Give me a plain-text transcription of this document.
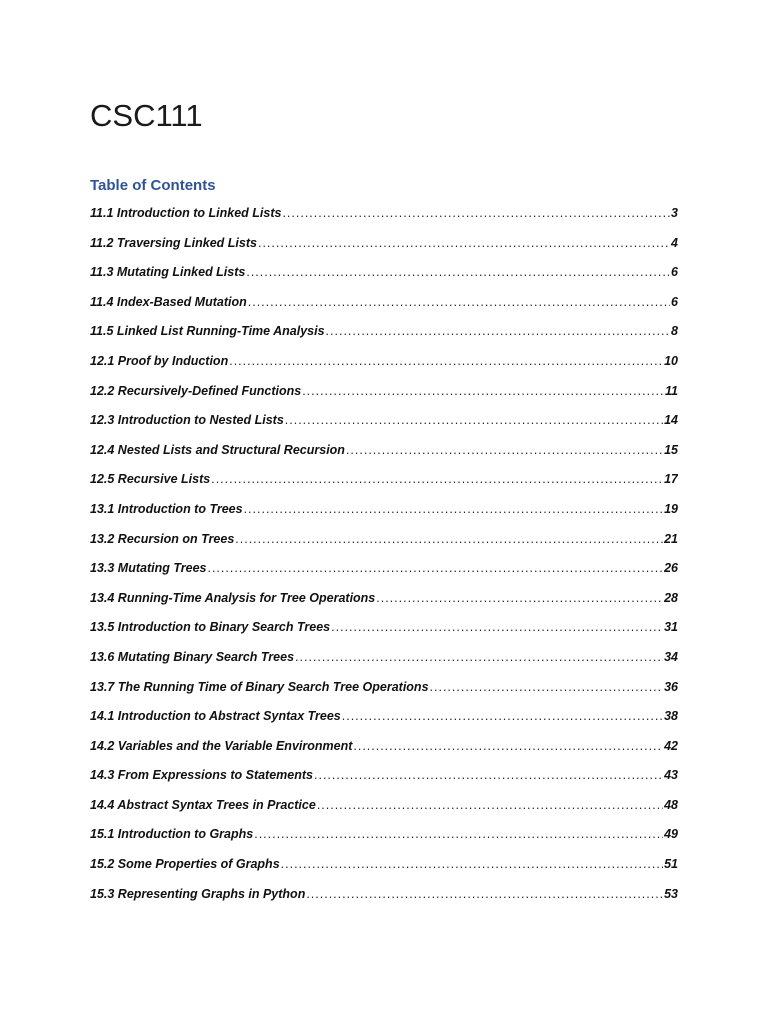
CSC111
Table of Contents
11.1 Introduction to Linked Lists .....	3
11.2 Traversing Linked Lists .....	4
11.3 Mutating Linked Lists .....	6
11.4 Index-Based Mutation .....	6
11.5 Linked List Running-Time Analysis .....	8
12.1 Proof by Induction .....	10
12.2 Recursively-Defined Functions .....	11
12.3 Introduction to Nested Lists .....	14
12.4 Nested Lists and Structural Recursion .....	15
12.5 Recursive Lists .....	17
13.1 Introduction to Trees .....	19
13.2 Recursion on Trees .....	21
13.3 Mutating Trees .....	26
13.4 Running-Time Analysis for Tree Operations .....	28
13.5 Introduction to Binary Search Trees .....	31
13.6 Mutating Binary Search Trees .....	34
13.7 The Running Time of Binary Search Tree Operations .....	36
14.1 Introduction to Abstract Syntax Trees .....	38
14.2 Variables and the Variable Environment .....	42
14.3 From Expressions to Statements .....	43
14.4 Abstract Syntax Trees in Practice .....	48
15.1 Introduction to Graphs .....	49
15.2 Some Properties of Graphs .....	51
15.3 Representing Graphs in Python .....	53
